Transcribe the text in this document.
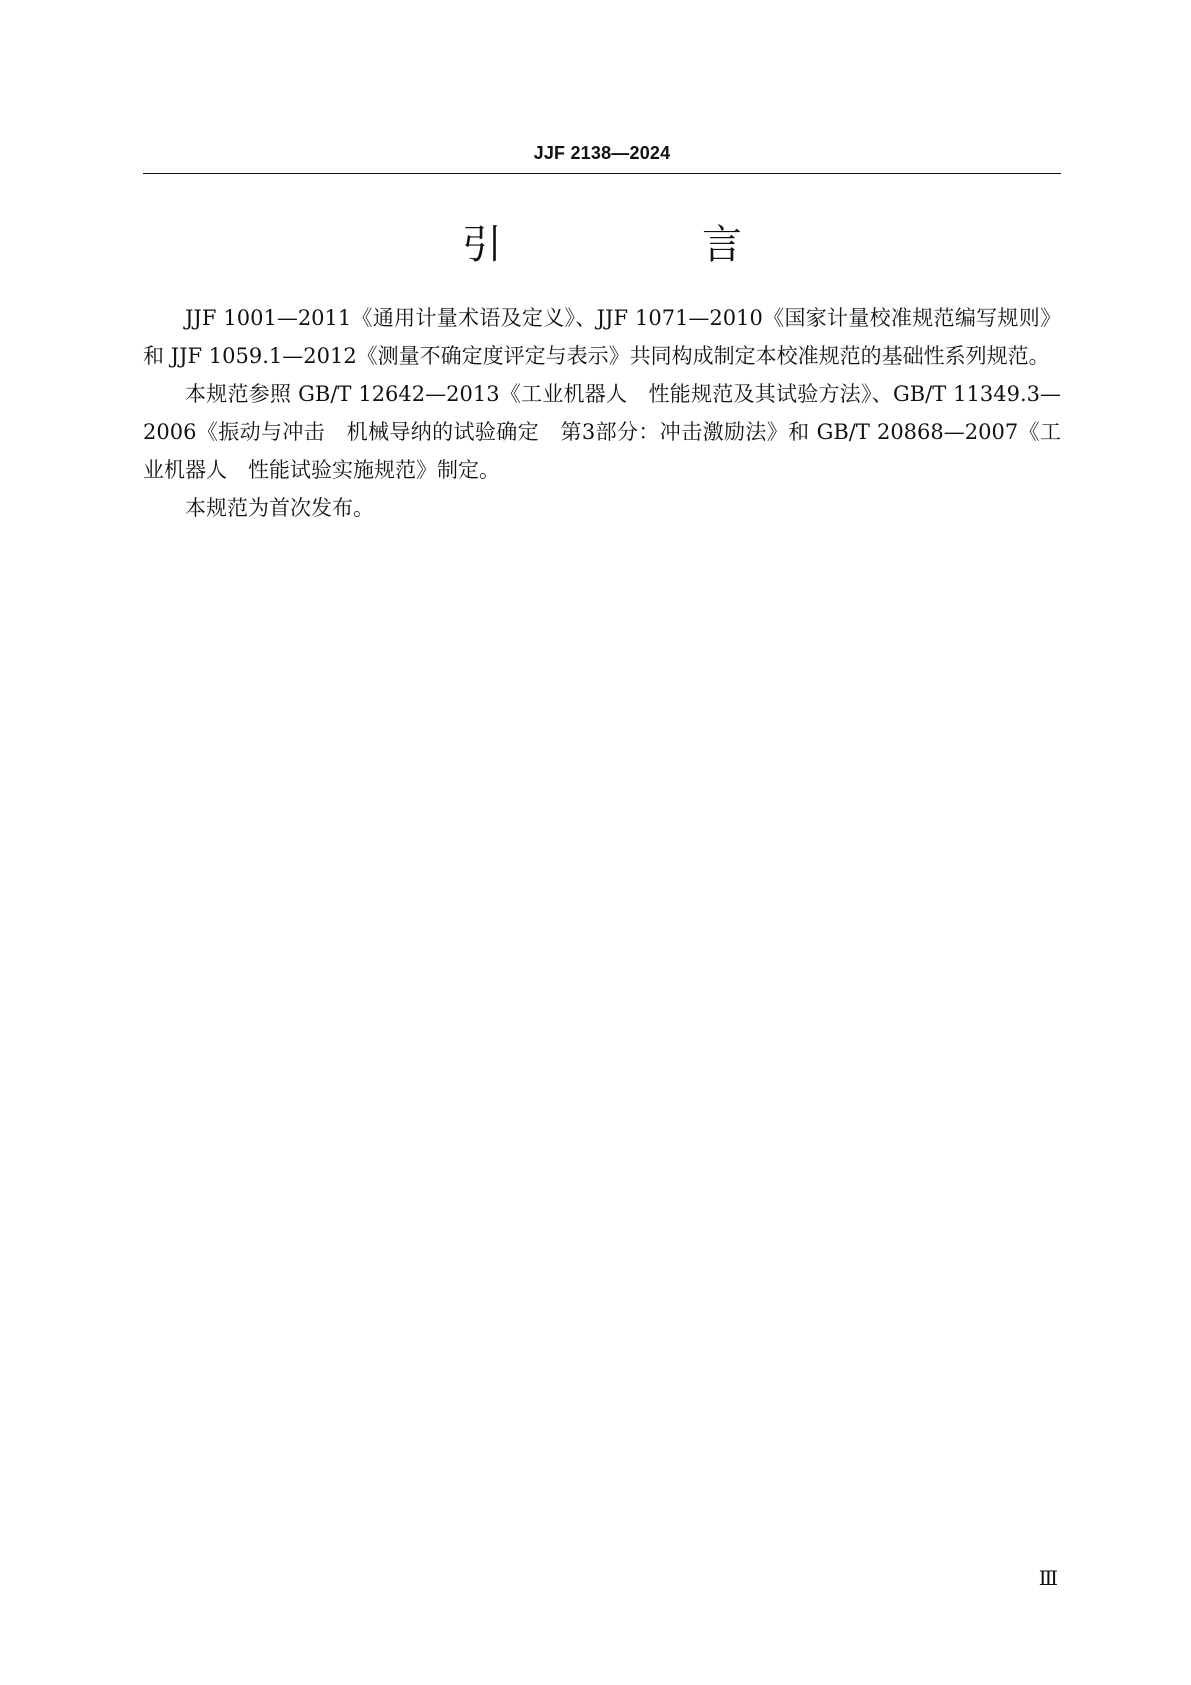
JJF 2138—2024
引　言

JJF 1001—2011《通用计量术语及定义》、JJF 1071—2010《国家计量校准规范编写规则》和 JJF 1059.1—2012《测量不确定度评定与表示》共同构成制定本校准规范的基础性系列规范。

本规范参照 GB/T 12642—2013《工业机器人　性能规范及其试验方法》、GB/T 11349.3—2006《振动与冲击　机械导纳的试验确定　第3部分：冲击激励法》和 GB/T 20868—2007《工业机器人　性能试验实施规范》制定。

本规范为首次发布。

Ⅲ
